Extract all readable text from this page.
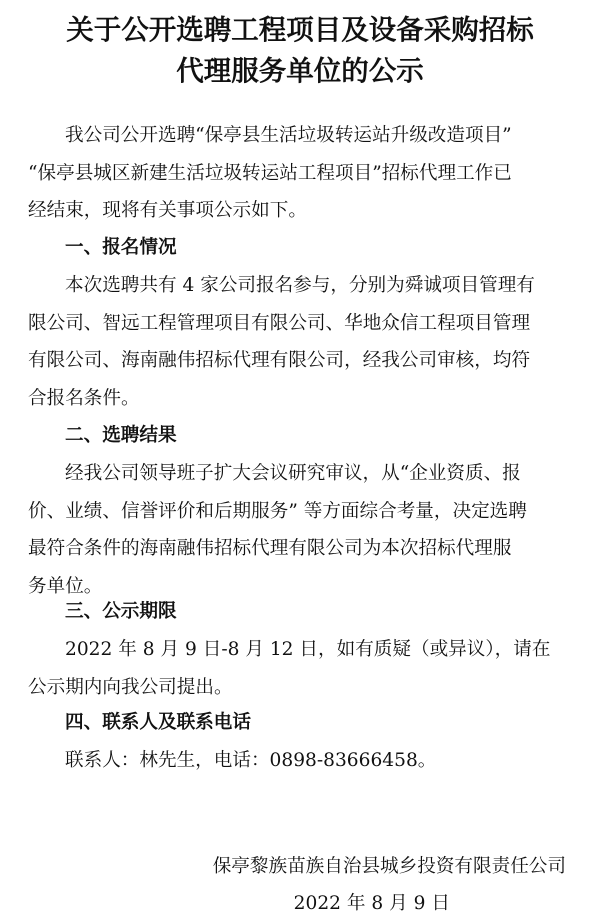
关于公开选聘工程项目及设备采购招标
代理服务单位的公示
我公司公开选聘“保亭县生活垃圾转运站升级改造项目”
“保亭县城区新建生活垃圾转运站工程项目”招标代理工作已
经结束，现将有关事项公示如下。
一、报名情况
本次选聘共有 4 家公司报名参与，分别为舜诚项目管理有
限公司、智远工程管理项目有限公司、华地众信工程项目管理
有限公司、海南融伟招标代理有限公司，经我公司审核，均符
合报名条件。
二、选聘结果
经我公司领导班子扩大会议研究审议，从“企业资质、报
价、业绩、信誉评价和后期服务” 等方面综合考量，决定选聘
最符合条件的海南融伟招标代理有限公司为本次招标代理服
务单位。
三、公示期限
2022 年 8 月 9 日-8 月 12 日，如有质疑（或异议），请在
公示期内向我公司提出。
四、联系人及联系电话
联系人：林先生，电话：0898-83666458。

保亭黎族苗族自治县城乡投资有限责任公司

2022 年 8 月 9 日
